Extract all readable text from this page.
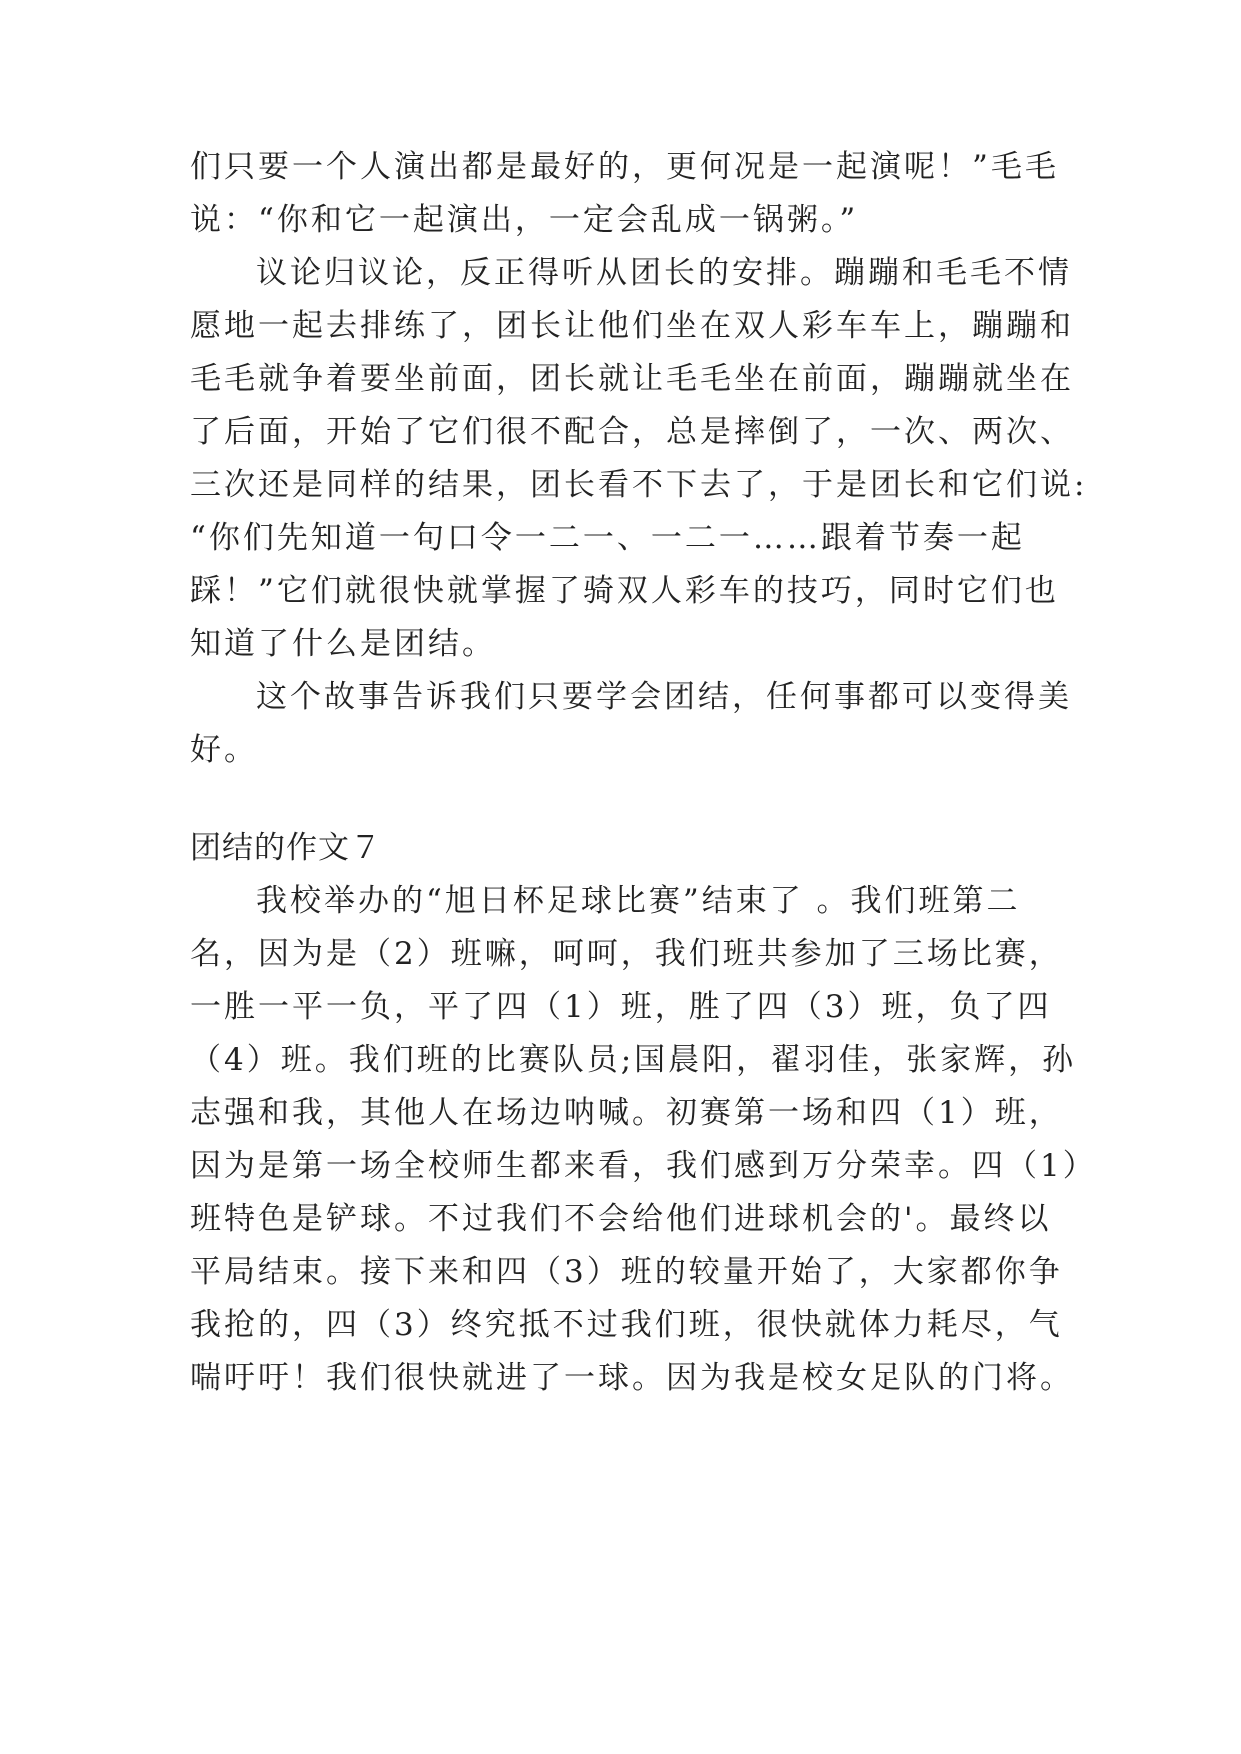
们只要一个人演出都是最好的，更何况是一起演呢！”毛毛
说：“你和它一起演出，一定会乱成一锅粥。”
议论归议论，反正得听从团长的安排。蹦蹦和毛毛不情
愿地一起去排练了，团长让他们坐在双人彩车车上，蹦蹦和
毛毛就争着要坐前面，团长就让毛毛坐在前面，蹦蹦就坐在
了后面，开始了它们很不配合，总是摔倒了，一次、两次、
三次还是同样的结果，团长看不下去了，于是团长和它们说:
“你们先知道一句口令一二一、一二一……跟着节奏一起
踩！”它们就很快就掌握了骑双人彩车的技巧，同时它们也
知道了什么是团结。
这个故事告诉我们只要学会团结，任何事都可以变得美
好。
团结的作文７
我校举办的“旭日杯足球比赛”结束了 。我们班第二
名，因为是（2）班嘛，呵呵，我们班共参加了三场比赛，
一胜一平一负，平了四（1）班，胜了四（3）班，负了四
（4）班。我们班的比赛队员;国晨阳，翟羽佳，张家辉，孙
志强和我，其他人在场边呐喊。初赛第一场和四（1）班，
因为是第一场全校师生都来看，我们感到万分荣幸。四（1）
班特色是铲球。不过我们不会给他们进球机会的'。最终以
平局结束。接下来和四（3）班的较量开始了，大家都你争
我抢的，四（3）终究抵不过我们班，很快就体力耗尽，气
喘吁吁！我们很快就进了一球。因为我是校女足队的门将。
